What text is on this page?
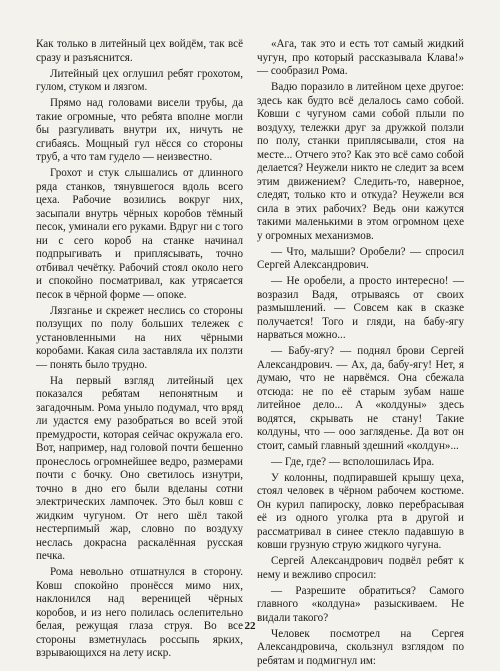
Как только в литейный цех войдём, так всё сразу и разъяснится.

Литейный цех оглушил ребят грохотом, гулом, стуком и лязгом.

Прямо над головами висели трубы, да такие огромные, что ребята вполне могли бы разгуливать внутри их, ничуть не сгибаясь. Мощный гул нёсся со стороны труб, а что там гудело — неизвестно.

Грохот и стук слышались от длинного ряда станков, тянувшегося вдоль всего цеха. Рабочие возились вокруг них, засыпали внутрь чёрных коробов тёмный песок, уминали его руками. Вдруг ни с того ни с сего короб на станке начинал подпрыгивать и приплясывать, точно отбивал чечётку. Рабочий стоял около него и спокойно посматривал, как утрясается песок в чёрной форме — опоке.

Лязганье и скрежет неслись со стороны ползущих по полу больших тележек с установленными на них чёрными коробами. Какая сила заставляла их ползти — понять было трудно.

На первый взгляд литейный цех показался ребятам непонятным и загадочным. Рома уныло подумал, что вряд ли удастся ему разобраться во всей этой премудрости, которая сейчас окружала его. Вот, например, над головой почти бешенно пронеслось огромнейшее ведро, размерами почти с бочку. Оно светилось изнутри, точно в дно его были вделаны сотни электрических лампочек. Это был ковш с жидким чугуном. От него шёл такой нестерпимый жар, словно по воздуху неслась докрасна раскалённая русская печка.

Рома невольно отшатнулся в сторону. Ковш спокойно пронёсся мимо них, наклонился над вереницей чёрных коробов, и из него полилась ослепительно белая, режущая глаза струя. Во все стороны взметнулась россыпь ярких, взрывающихся на лету искр.

«Ага, так это и есть тот самый жидкий чугун, про который рассказывала Клава!» — сообразил Рома.

Вадю поразило в литейном цехе другое: здесь как будто всё делалось само собой. Ковши с чугуном сами собой плыли по воздуху, тележки друг за дружкой ползли по полу, станки приплясывали, стоя на месте... Отчего это? Как это всё само собой делается? Неужели никто не следит за всем этим движением? Следить-то, наверное, следят, только кто и откуда? Неужели вся сила в этих рабочих? Ведь они кажутся такими маленькими в этом огромном цехе у огромных механизмов.

— Что, малыши? Оробели? — спросил Сергей Александрович.

— Не оробели, а просто интересно! — возразил Вадя, отрываясь от своих размышлений. — Совсем как в сказке получается! Того и гляди, на бабу-ягу нарваться можно...

— Бабу-ягу? — поднял брови Сергей Александрович. — Ах, да, бабу-ягу! Нет, я думаю, что не нарвёмся. Она сбежала отсюда: не по её старым зубам наше литейное дело... А «колдуны» здесь водятся, скрывать не стану! Такие колдуны, что — ооо загляденье. Да вот он стоит, самый главный здешний «колдун»...

— Где, где? — всполошилась Ира.

У колонны, подпиравшей крышу цеха, стоял человек в чёрном рабочем костюме. Он курил папироску, ловко перебрасывая её из одного уголка рта в другой и рассматривал в синее стекло падавшую в ковши грузную струю жидкого чугуна.

Сергей Александрович подвёл ребят к нему и вежливо спросил:

— Разрешите обратиться? Самого главного «колдуна» разыскиваем. Не видали такого?

Человек посмотрел на Сергея Александровича, скользнул взглядом по ребятам и подмигнул им:

22
